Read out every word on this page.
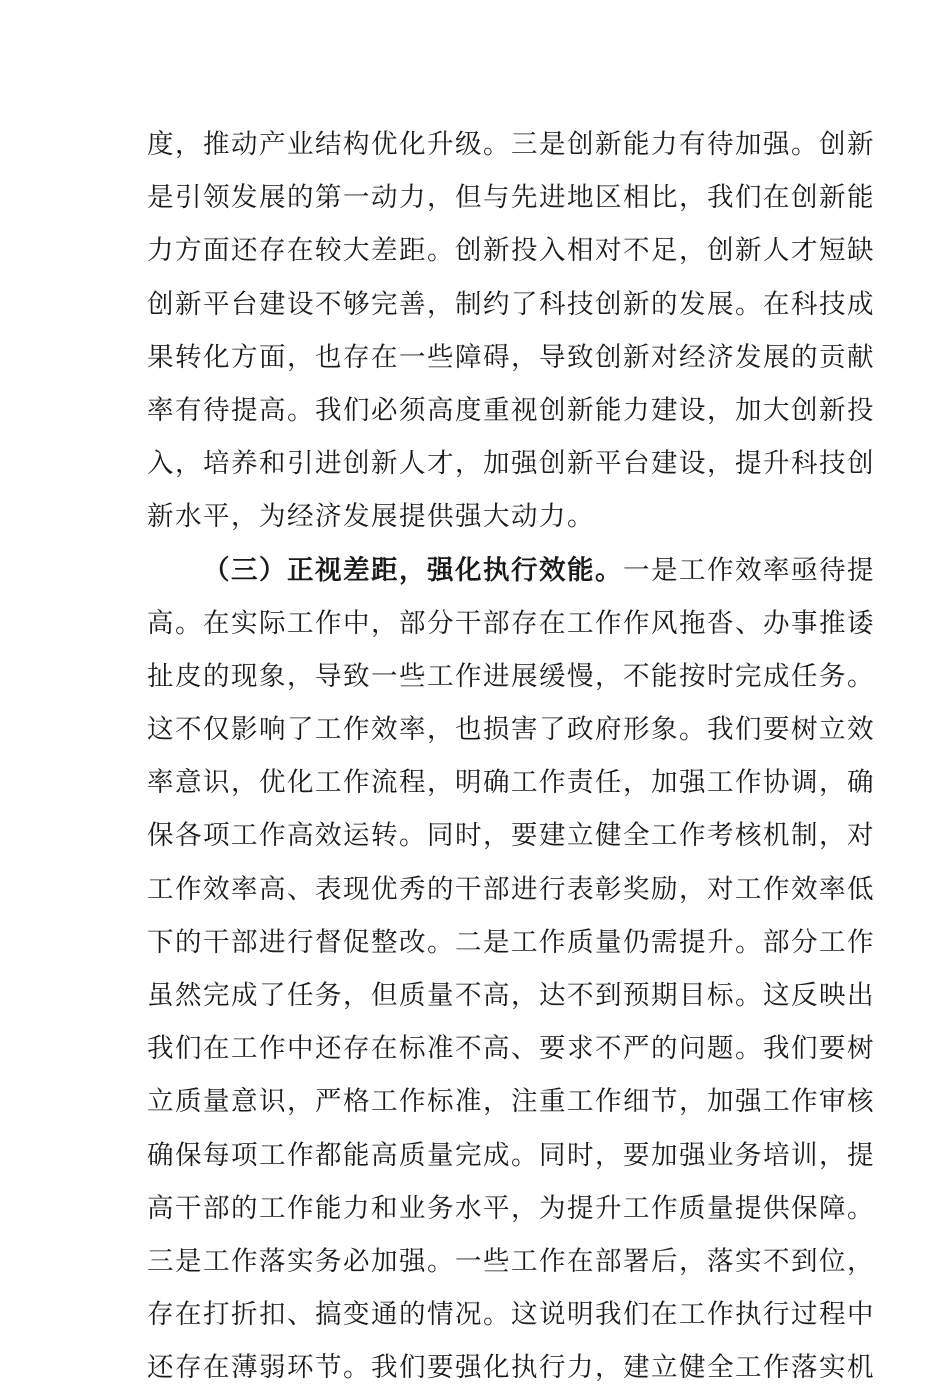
度，推动产业结构优化升级。三是创新能力有待加强。创新
是引领发展的第一动力，但与先进地区相比，我们在创新能
力方面还存在较大差距。创新投入相对不足，创新人才短缺
创新平台建设不够完善，制约了科技创新的发展。在科技成
果转化方面，也存在一些障碍，导致创新对经济发展的贡献
率有待提高。我们必须高度重视创新能力建设，加大创新投
入，培养和引进创新人才，加强创新平台建设，提升科技创
新水平，为经济发展提供强大动力。
（三）正视差距，强化执行效能。一是工作效率亟待提
高。在实际工作中，部分干部存在工作作风拖沓、办事推诿
扯皮的现象，导致一些工作进展缓慢，不能按时完成任务。
这不仅影响了工作效率，也损害了政府形象。我们要树立效
率意识，优化工作流程，明确工作责任，加强工作协调，确
保各项工作高效运转。同时，要建立健全工作考核机制，对
工作效率高、表现优秀的干部进行表彰奖励，对工作效率低
下的干部进行督促整改。二是工作质量仍需提升。部分工作
虽然完成了任务，但质量不高，达不到预期目标。这反映出
我们在工作中还存在标准不高、要求不严的问题。我们要树
立质量意识，严格工作标准，注重工作细节，加强工作审核
确保每项工作都能高质量完成。同时，要加强业务培训，提
高干部的工作能力和业务水平，为提升工作质量提供保障。
三是工作落实务必加强。一些工作在部署后，落实不到位，
存在打折扣、搞变通的情况。这说明我们在工作执行过程中
还存在薄弱环节。我们要强化执行力，建立健全工作落实机
